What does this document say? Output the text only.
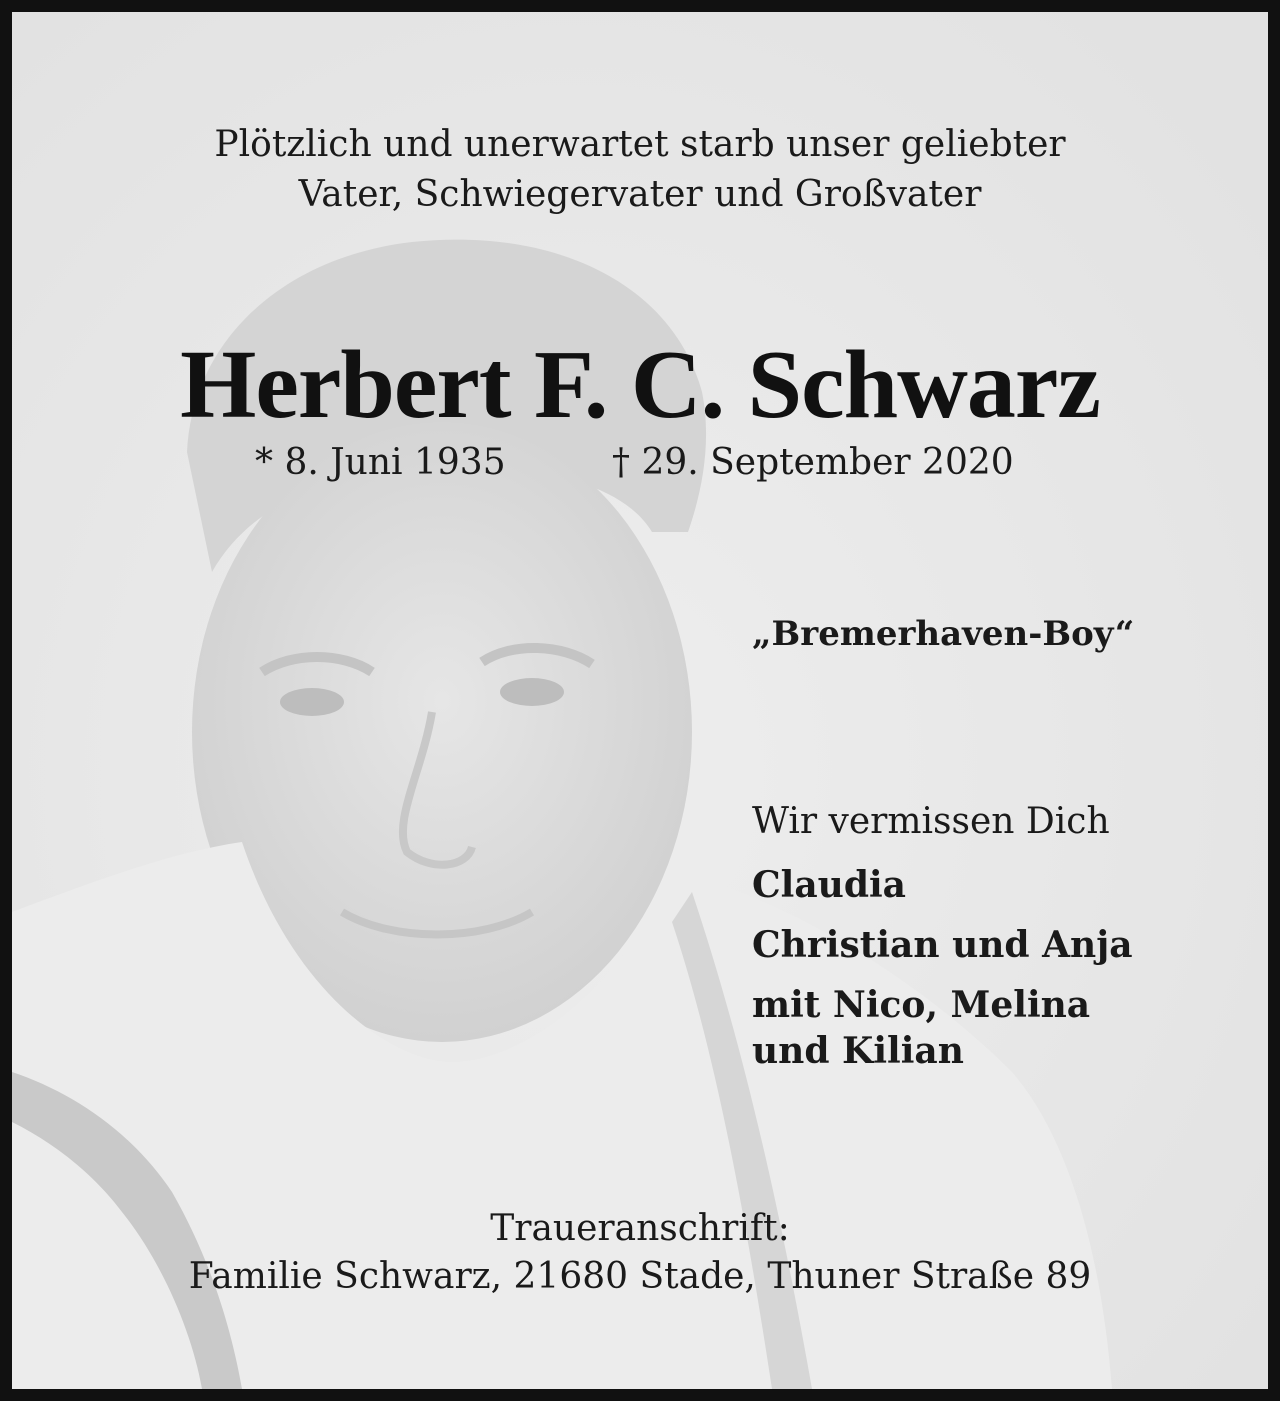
Plötzlich und unerwartet starb unser geliebter
Vater, Schwiegervater und Großvater

Herbert F. C. Schwarz
* 8. Juni 1935	† 29. September 2020
„Bremerhaven-Boy“
Wir vermissen Dich
Claudia
Christian und Anja
mit Nico, Melina
und Kilian

Traueranschrift:
Familie Schwarz, 21680 Stade, Thuner Straße 89
